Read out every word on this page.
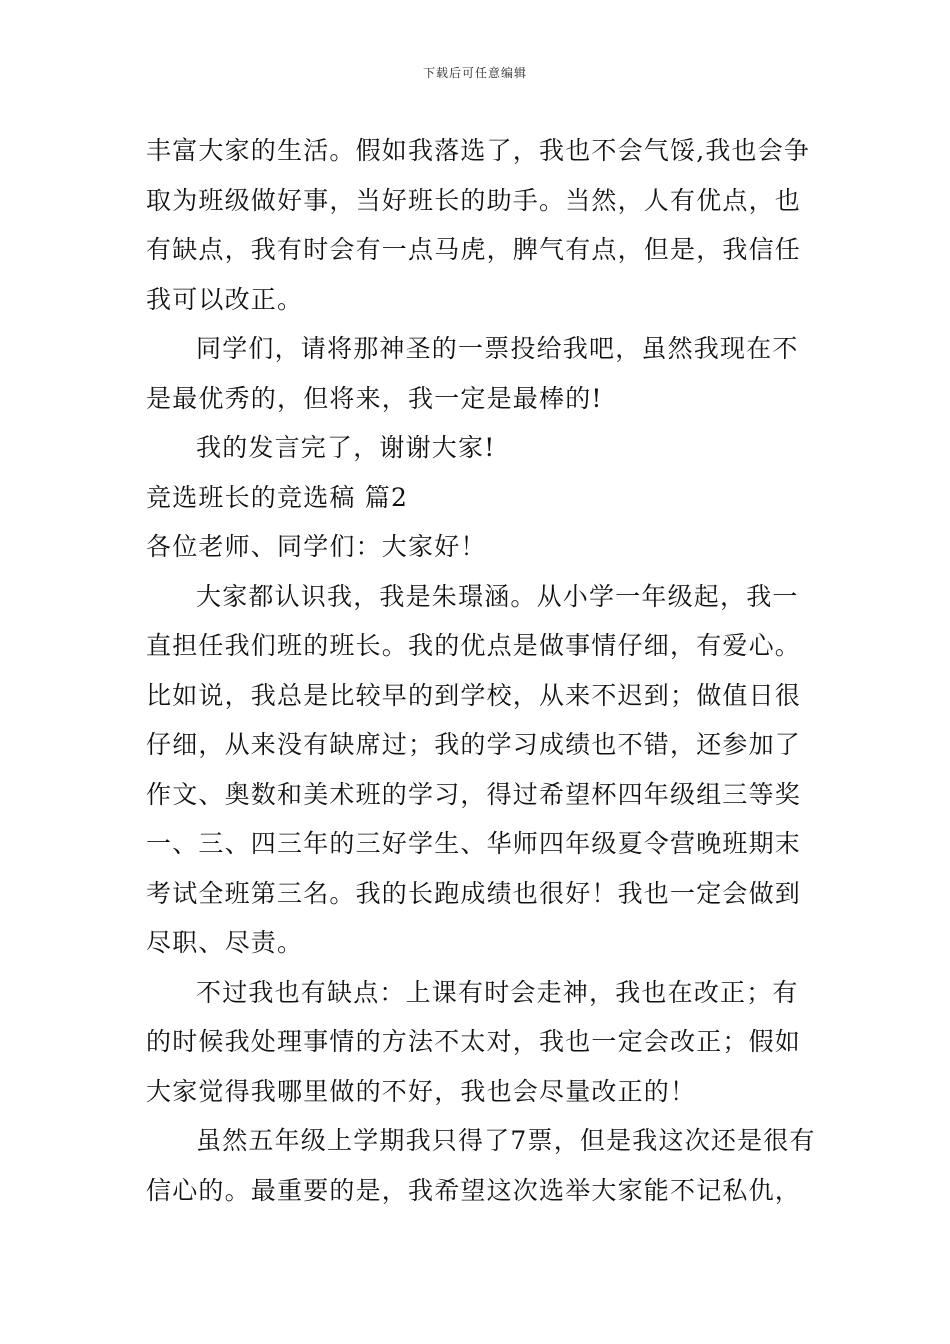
下载后可任意编辑
丰富大家的生活。假如我落选了，我也不会气馁,我也会争
取为班级做好事，当好班长的助手。当然，人有优点，也
有缺点，我有时会有一点马虎，脾气有点，但是，我信任
我可以改正。
同学们，请将那神圣的一票投给我吧，虽然我现在不
是最优秀的，但将来，我一定是最棒的!
我的发言完了，谢谢大家!
竞选班长的竞选稿 篇2
各位老师、同学们：大家好！
大家都认识我，我是朱璟涵。从小学一年级起，我一
直担任我们班的班长。我的优点是做事情仔细，有爱心。
比如说，我总是比较早的到学校，从来不迟到；做值日很
仔细，从来没有缺席过；我的学习成绩也不错，还参加了
作文、奥数和美术班的学习，得过希望杯四年级组三等奖
一、三、四三年的三好学生、华师四年级夏令营晚班期末
考试全班第三名。我的长跑成绩也很好！我也一定会做到
尽职、尽责。
不过我也有缺点：上课有时会走神，我也在改正；有
的时候我处理事情的方法不太对，我也一定会改正；假如
大家觉得我哪里做的不好，我也会尽量改正的！
虽然五年级上学期我只得了7票，但是我这次还是很有
信心的。最重要的是，我希望这次选举大家能不记私仇，
